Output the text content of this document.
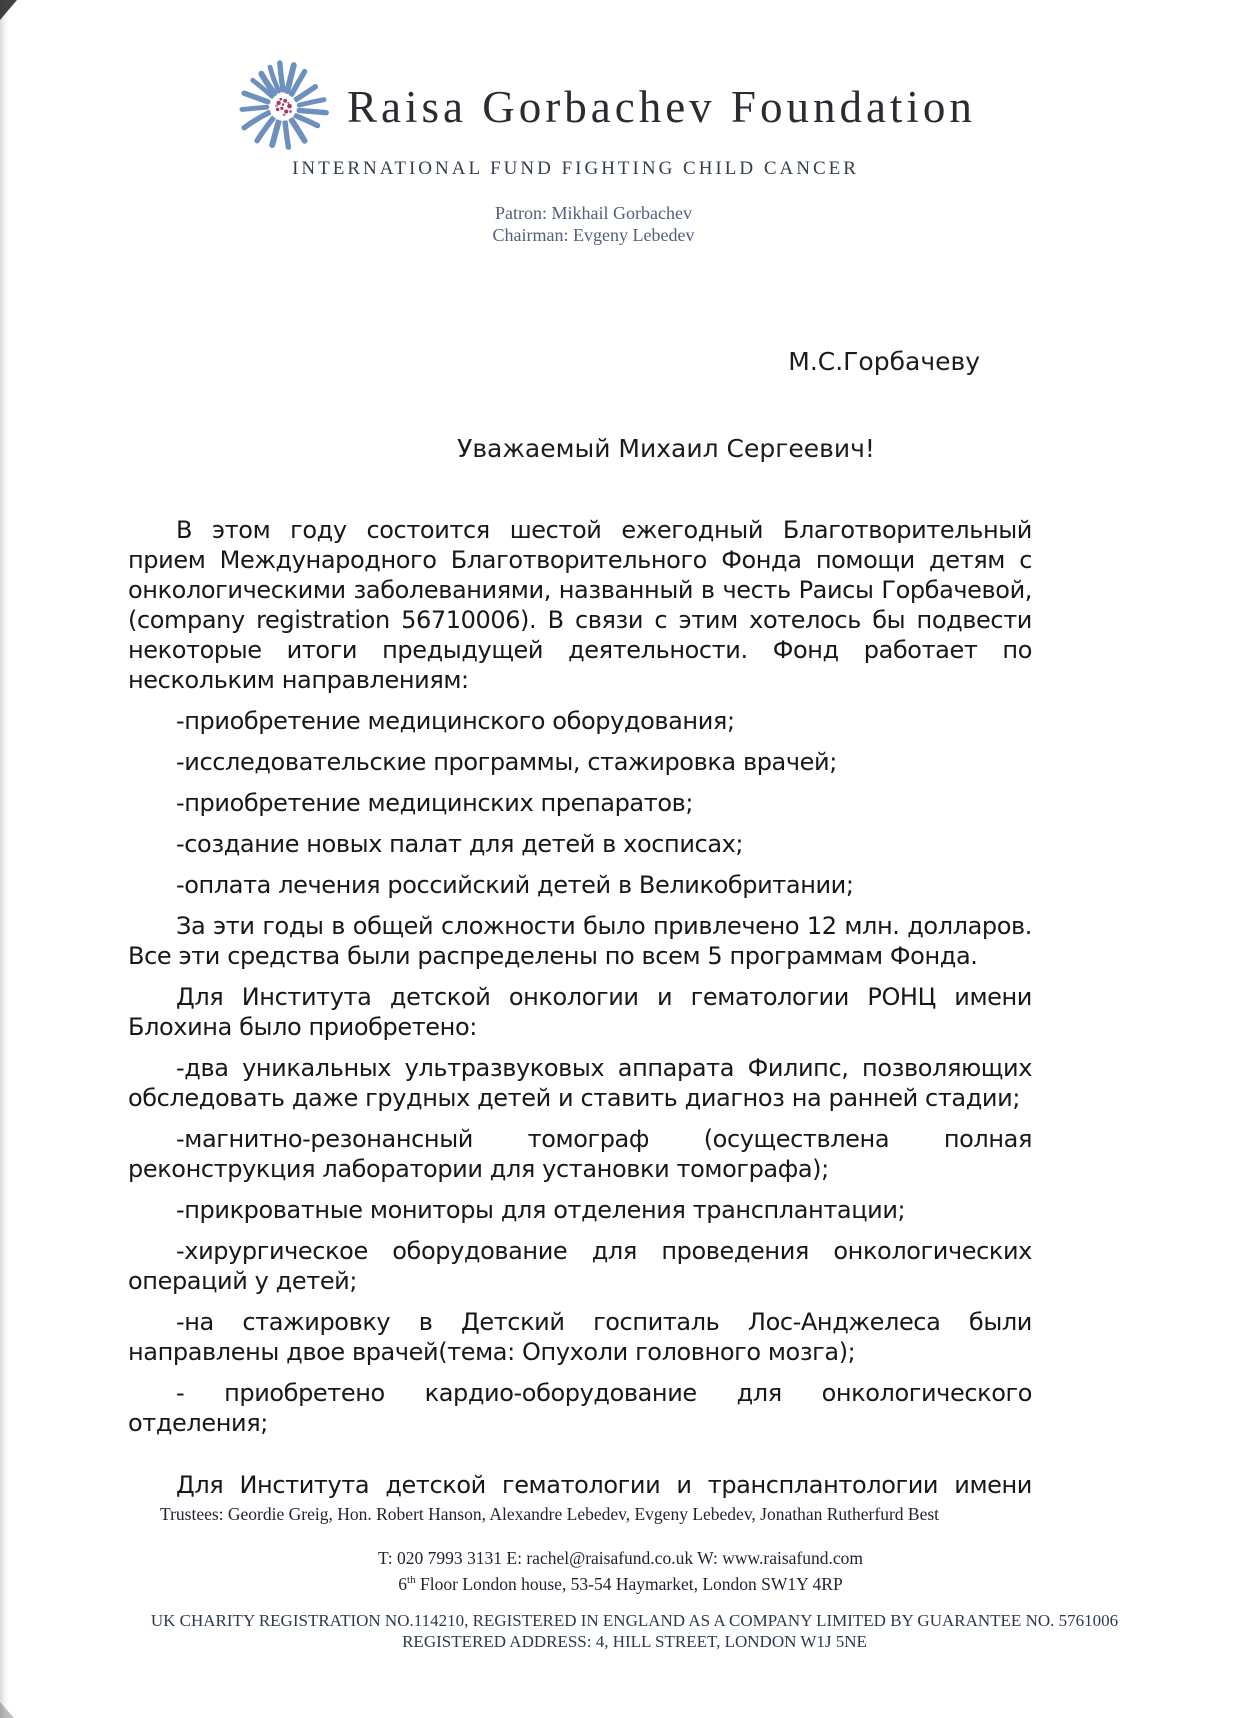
Raisa Gorbachev Foundation
INTERNATIONAL FUND FIGHTING CHILD CANCER
Patron: Mikhail Gorbachev
Chairman: Evgeny Lebedev
М.С.Горбачеву
Уважаемый Михаил Сергеевич!
В этом году состоится шестой ежегодный Благотворительный прием Международного Благотворительного Фонда помощи детям с онкологическими заболеваниями, названный в честь Раисы Горбачевой, (company registration 56710006). В связи с этим хотелось бы подвести некоторые итоги предыдущей деятельности. Фонд работает по нескольким направлениям:
-приобретение медицинского оборудования;
-исследовательские программы, стажировка врачей;
-приобретение медицинских препаратов;
-создание новых палат для детей в хосписах;
-оплата лечения российский детей в Великобритании;
За эти годы в общей сложности было привлечено 12 млн. долларов. Все эти средства были распределены по всем 5 программам Фонда.
Для Института детской онкологии и гематологии РОНЦ имени Блохина было приобретено:
-два уникальных ультразвуковых аппарата Филипс, позволяющих обследовать даже грудных детей и ставить диагноз на ранней стадии;
-магнитно-резонансный томограф (осуществлена полная реконструкция лаборатории для установки томографа);
-прикроватные мониторы для отделения трансплантации;
-хирургическое оборудование для проведения онкологических операций у детей;
-на стажировку в Детский госпиталь Лос-Анджелеса были направлены двое врачей(тема: Опухоли головного мозга);
- приобретено кардио-оборудование для онкологического отделения;
Для Института детской гематологии и трансплантологии имени
Trustees: Geordie Greig, Hon. Robert Hanson, Alexandre Lebedev, Evgeny Lebedev, Jonathan Rutherfurd Best
T: 020 7993 3131 E: rachel@raisafund.co.uk W: www.raisafund.com
6th Floor London house, 53-54 Haymarket, London SW1Y 4RP
UK CHARITY REGISTRATION NO.114210, REGISTERED IN ENGLAND AS A COMPANY LIMITED BY GUARANTEE NO. 5761006
REGISTERED ADDRESS: 4, HILL STREET, LONDON W1J 5NE
